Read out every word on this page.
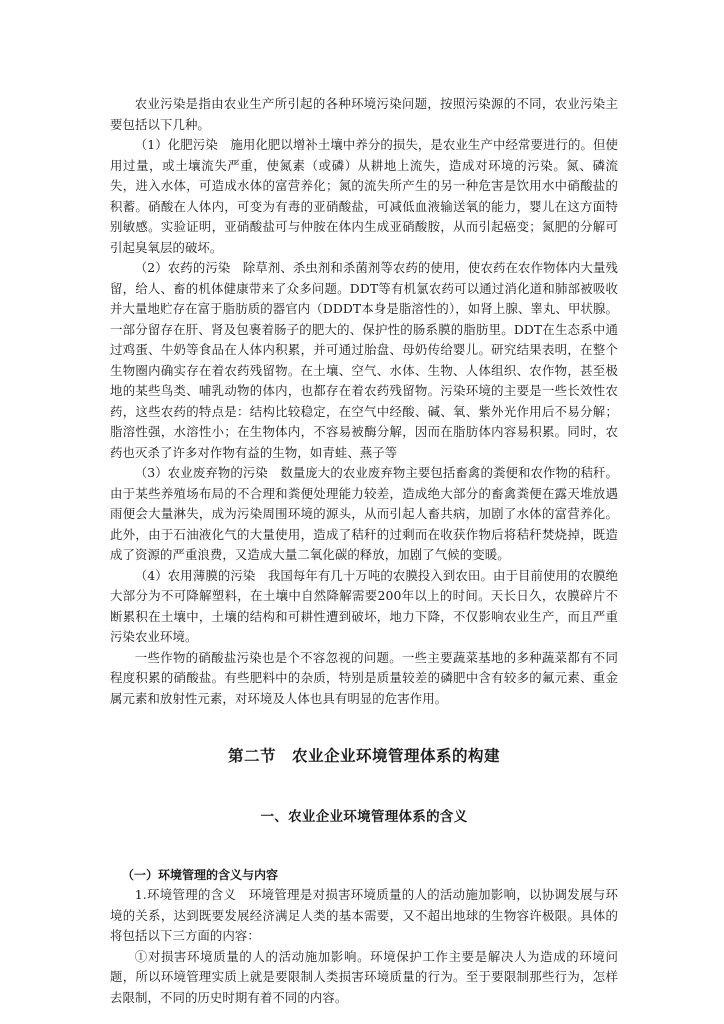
农业污染是指由农业生产所引起的各种环境污染问题，按照污染源的不同，农业污染主要包括以下几种。

（1）化肥污染　施用化肥以增补土壤中养分的损失，是农业生产中经常要进行的。但使用过量，或土壤流失严重，使氮素（或磷）从耕地上流失，造成对环境的污染。氮、磷流失，进入水体，可造成水体的富营养化；氮的流失所产生的另一种危害是饮用水中硝酸盐的积蓄。硝酸在人体内，可变为有毒的亚硝酸盐，可减低血液输送氧的能力，婴儿在这方面特别敏感。实验证明，亚硝酸盐可与仲胺在体内生成亚硝酸胺，从而引起癌变；氮肥的分解可引起臭氧层的破坏。

（2）农药的污染　除草剂、杀虫剂和杀菌剂等农药的使用，使农药在农作物体内大量残留，给人、畜的机体健康带来了众多问题。DDT等有机氯农药可以通过消化道和肺部被吸收并大量地贮存在富于脂肪质的器官内（DDDT本身是脂溶性的），如肾上腺、睾丸、甲状腺。一部分留存在肝、肾及包裹着肠子的肥大的、保护性的肠系膜的脂肪里。DDT在生态系中通过鸡蛋、牛奶等食品在人体内积累，并可通过胎盘、母奶传给婴儿。研究结果表明，在整个生物圈内确实存在着农药残留物。在土壤、空气、水体、生物、人体组织、农作物，甚至极地的某些鸟类、哺乳动物的体内，也都存在着农药残留物。污染环境的主要是一些长效性农药，这些农药的特点是：结构比较稳定，在空气中经酸、碱、氧、紫外光作用后不易分解；脂溶性强，水溶性小；在生物体内，不容易被酶分解，因而在脂肪体内容易积累。同时，农药也灭杀了许多对作物有益的生物，如青蛙、燕子等

（3）农业废弃物的污染　数量庞大的农业废弃物主要包括畜禽的粪便和农作物的秸秆。由于某些养殖场布局的不合理和粪便处理能力较差，造成绝大部分的畜禽粪便在露天堆放遇雨便会大量淋失，成为污染周围环境的源头，从而引起人畜共病，加剧了水体的富营养化。此外，由于石油液化气的大量使用，造成了秸秆的过剩而在收获作物后将秸秆焚烧掉，既造成了资源的严重浪费，又造成大量二氧化碳的释放，加剧了气候的变暖。

（4）农用薄膜的污染　我国每年有几十万吨的农膜投入到农田。由于目前使用的农膜绝大部分为不可降解塑料，在土壤中自然降解需要200年以上的时间。天长日久，农膜碎片不断累积在土壤中，土壤的结构和可耕性遭到破坏，地力下降，不仅影响农业生产，而且严重污染农业环境。

一些作物的硝酸盐污染也是个不容忽视的问题。一些主要蔬菜基地的多种蔬菜都有不同程度积累的硝酸盐。有些肥料中的杂质，特别是质量较差的磷肥中含有较多的氟元素、重金属元素和放射性元素，对环境及人体也具有明显的危害作用。

第二节　农业企业环境管理体系的构建
一、农业企业环境管理体系的含义
（一）环境管理的含义与内容

1.环境管理的含义　环境管理是对损害环境质量的人的活动施加影响，以协调发展与环境的关系，达到既要发展经济满足人类的基本需要，又不超出地球的生物容许极限。具体的将包括以下三方面的内容：

①对损害环境质量的人的活动施加影响。环境保护工作主要是解决人为造成的环境问题，所以环境管理实质上就是要限制人类损害环境质量的行为。至于要限制那些行为，怎样去限制，不同的历史时期有着不同的内容。
